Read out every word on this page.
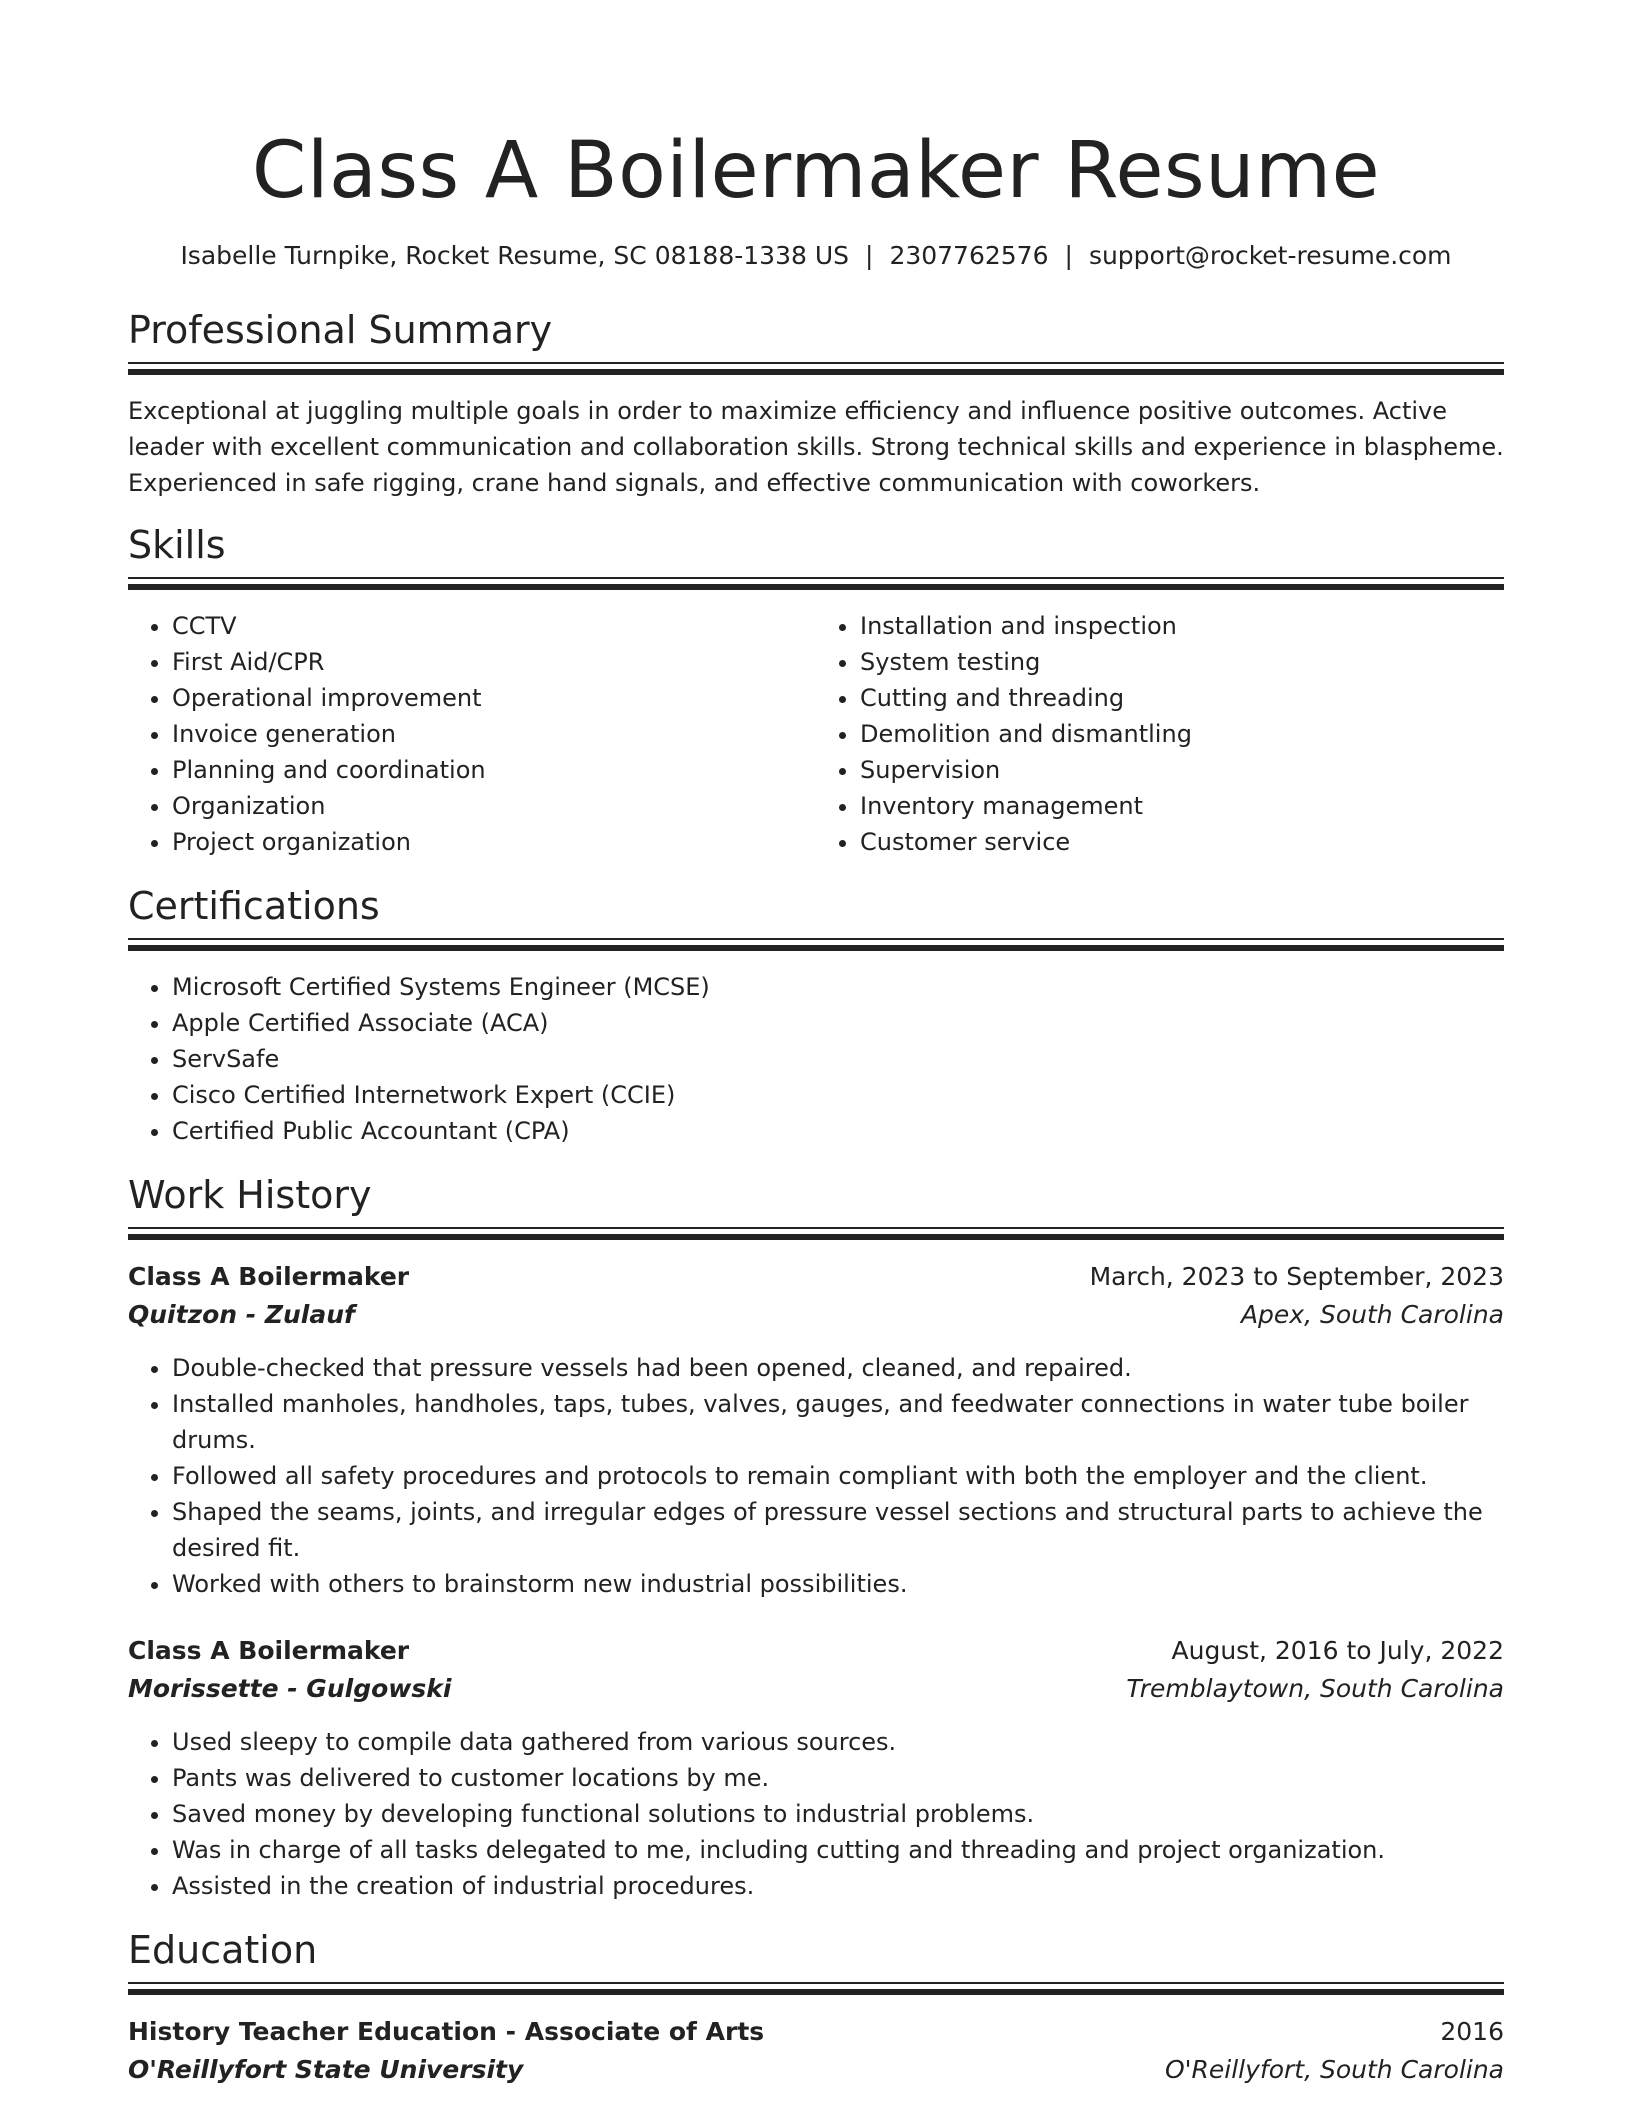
Class A Boilermaker Resume
Isabelle Turnpike, Rocket Resume, SC 08188-1338 US | 2307762576 | support@rocket-resume.com
Professional Summary

Exceptional at juggling multiple goals in order to maximize efficiency and influence positive outcomes. Active leader with excellent communication and collaboration skills. Strong technical skills and experience in blaspheme. Experienced in safe rigging, crane hand signals, and effective communication with coworkers.

Skills
• CCTV
• First Aid/CPR
• Operational improvement
• Invoice generation
• Planning and coordination
• Organization
• Project organization
• Installation and inspection
• System testing
• Cutting and threading
• Demolition and dismantling
• Supervision
• Inventory management
• Customer service
Certifications
• Microsoft Certified Systems Engineer (MCSE)
• Apple Certified Associate (ACA)
• ServSafe
• Cisco Certified Internetwork Expert (CCIE)
• Certified Public Accountant (CPA)
Work History
Class A Boilermaker	March, 2023 to September, 2023
Quitzon - Zulauf	Apex, South Carolina
• Double-checked that pressure vessels had been opened, cleaned, and repaired.
• Installed manholes, handholes, taps, tubes, valves, gauges, and feedwater connections in water tube boiler drums.
• Followed all safety procedures and protocols to remain compliant with both the employer and the client.
• Shaped the seams, joints, and irregular edges of pressure vessel sections and structural parts to achieve the desired fit.
• Worked with others to brainstorm new industrial possibilities.
Class A Boilermaker	August, 2016 to July, 2022
Morissette - Gulgowski	Tremblaytown, South Carolina
• Used sleepy to compile data gathered from various sources.
• Pants was delivered to customer locations by me.
• Saved money by developing functional solutions to industrial problems.
• Was in charge of all tasks delegated to me, including cutting and threading and project organization.
• Assisted in the creation of industrial procedures.
Education
History Teacher Education - Associate of Arts	2016
O'Reillyfort State University	O'Reillyfort, South Carolina
